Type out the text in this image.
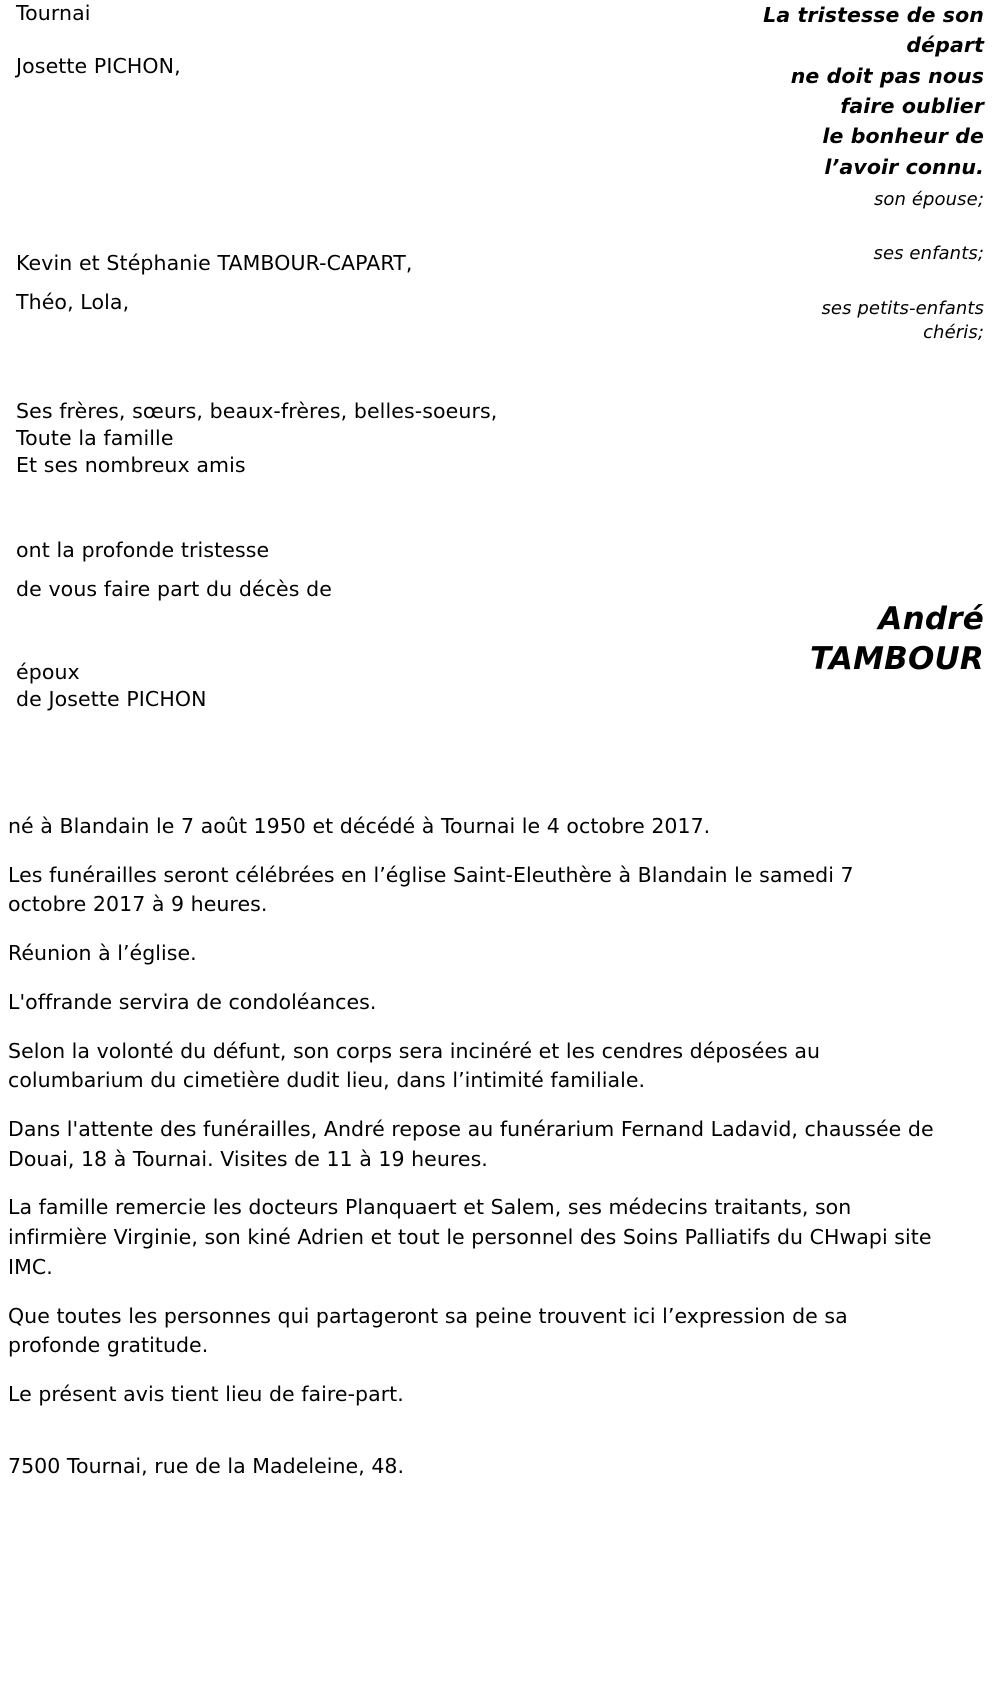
Tournai
Josette PICHON,
Kevin et Stéphanie TAMBOUR-CAPART,
Théo, Lola,
Ses frères, sœurs, beaux-frères, belles-soeurs,
Toute la famille
Et ses nombreux amis
ont la profonde tristesse
de vous faire part du décès de
époux
de Josette PICHON
La tristesse de son
départ
ne doit pas nous
faire oublier
le bonheur de
l’avoir connu.
son épouse;
ses enfants;
ses petits-enfants
chéris;
André
TAMBOUR

né à Blandain le 7 août 1950 et décédé à Tournai le 4 octobre 2017.

Les funérailles seront célébrées en l’église Saint-Eleuthère à Blandain le samedi 7 octobre 2017 à 9 heures.

Réunion à l’église.

L'offrande servira de condoléances.

Selon la volonté du défunt, son corps sera incinéré et les cendres déposées au columbarium du cimetière dudit lieu, dans l’intimité familiale.

Dans l'attente des funérailles, André repose au funérarium Fernand Ladavid, chaussée de Douai, 18 à Tournai. Visites de 11 à 19 heures.

La famille remercie les docteurs Planquaert et Salem, ses médecins traitants, son infirmière Virginie, son kiné Adrien et tout le personnel des Soins Palliatifs du CHwapi site IMC.

Que toutes les personnes qui partageront sa peine trouvent ici l’expression de sa profonde gratitude.

Le présent avis tient lieu de faire-part.

7500 Tournai, rue de la Madeleine, 48.
